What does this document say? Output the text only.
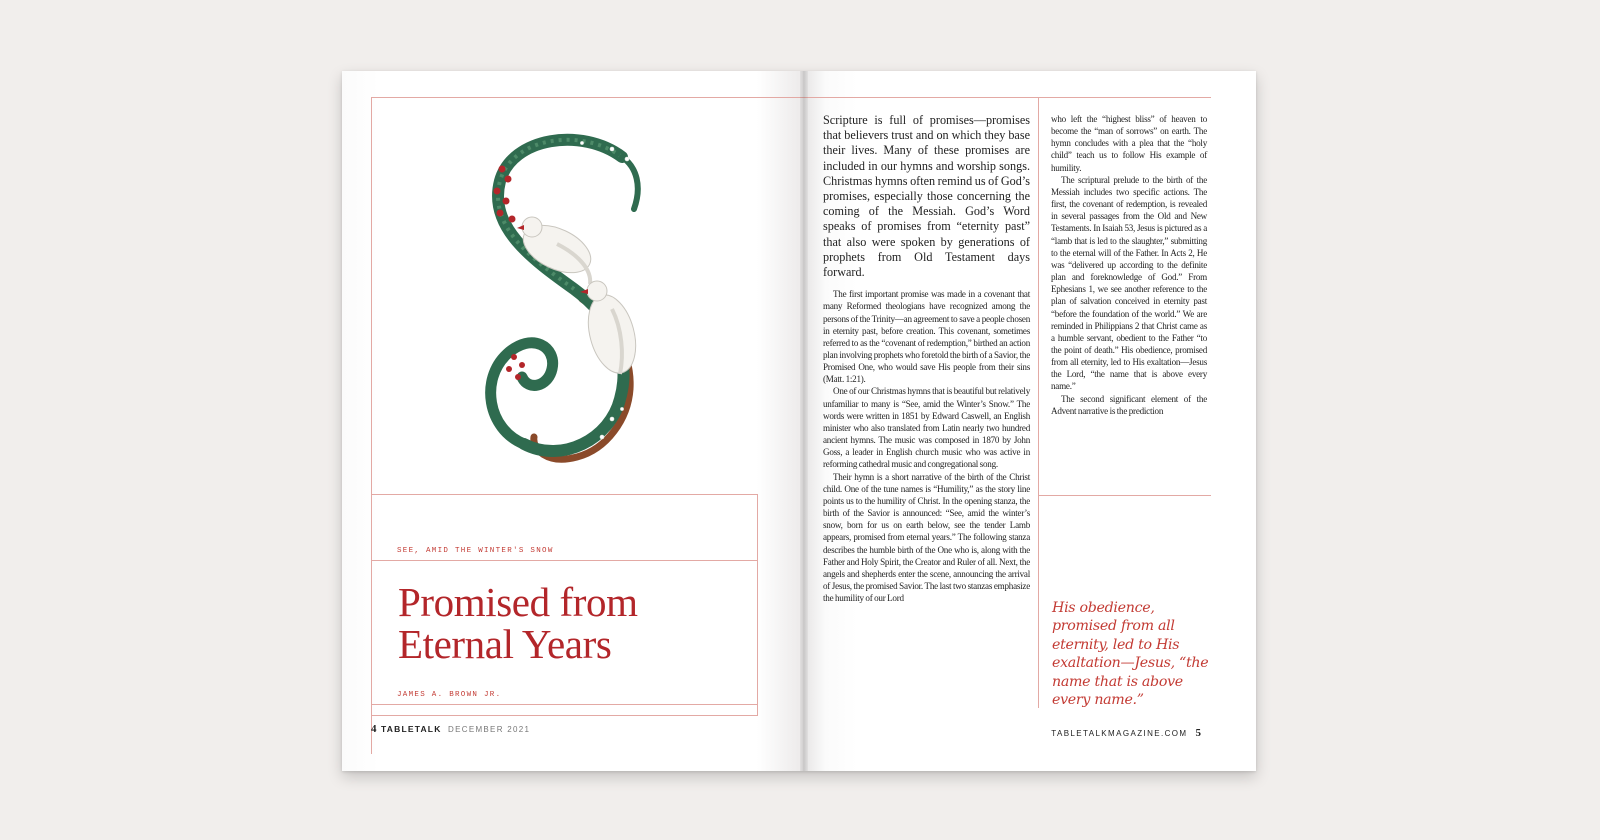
SEE, AMID THE WINTER'S SNOW
Promised from
Eternal Years
JAMES A. BROWN JR.
4 TABLETALK DECEMBER 2021

Scripture is full of promises—promises that believers trust and on which they base their lives. Many of these promises are included in our hymns and worship songs. Christmas hymns often remind us of God’s promises, especially those concerning the coming of the Messiah. God’s Word speaks of promises from “eternity past” that also were spoken by generations of prophets from Old Testament days forward.

The first important promise was made in a covenant that many Reformed theologians have recognized among the persons of the Trinity—an agreement to save a people chosen in eternity past, before creation. This covenant, sometimes referred to as the “covenant of redemption,” birthed an action plan involving prophets who foretold the birth of a Savior, the Promised One, who would save His people from their sins (Matt. 1:21).

One of our Christmas hymns that is beautiful but relatively unfamiliar to many is “See, amid the Winter’s Snow.” The words were written in 1851 by Edward Caswell, an English minister who also translated from Latin nearly two hundred ancient hymns. The music was composed in 1870 by John Goss, a leader in English church music who was active in reforming cathedral music and congregational song.

Their hymn is a short narrative of the birth of the Christ child. One of the tune names is “Humility,” as the story line points us to the humility of Christ. In the opening stanza, the birth of the Savior is announced: “See, amid the winter’s snow, born for us on earth below, see the tender Lamb appears, promised from eternal years.” The following stanza describes the humble birth of the One who is, along with the Father and Holy Spirit, the Creator and Ruler of all. Next, the angels and shepherds enter the scene, announcing the arrival of Jesus, the promised Savior. The last two stanzas emphasize the humility of our Lord

who left the “highest bliss” of heaven to become the “man of sorrows” on earth. The hymn concludes with a plea that the “holy child” teach us to follow His example of humility.

The scriptural prelude to the birth of the Messiah includes two specific actions. The first, the covenant of redemption, is revealed in several passages from the Old and New Testaments. In Isaiah 53, Jesus is pictured as a “lamb that is led to the slaughter,” submitting to the eternal will of the Father. In Acts 2, He was “delivered up according to the definite plan and foreknowledge of God.” From Ephesians 1, we see another reference to the plan of salvation conceived in eternity past “before the foundation of the world.” We are reminded in Philippians 2 that Christ came as a humble servant, obedient to the Father “to the point of death.” His obedience, promised from all eternity, led to His exaltation—Jesus the Lord, “the name that is above every name.”

The second significant element of the Advent narrative is the prediction

His obedience, promised from all eternity, led to His exaltation—Jesus, “the name that is above every name.”
TABLETALKMAGAZINE.COM 5
